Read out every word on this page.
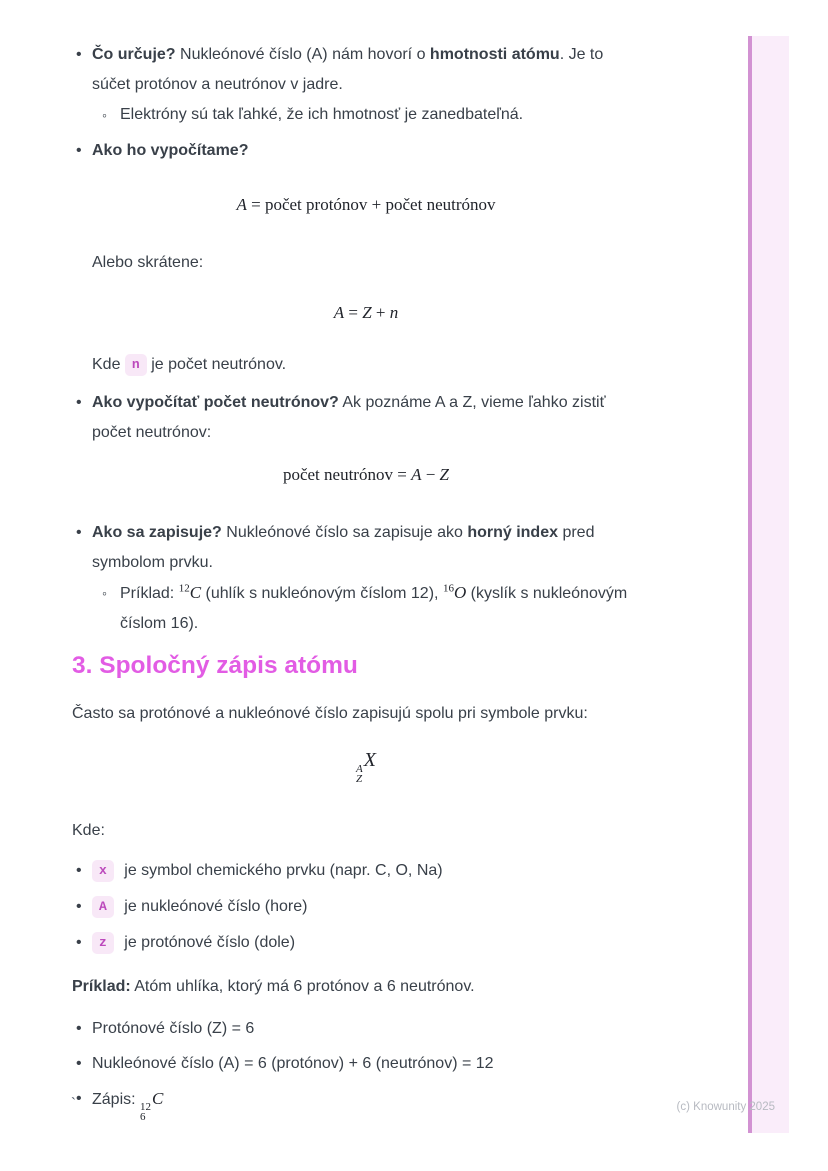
• Čo určuje? Nukleónové číslo (A) nám hovorí o hmotnosti atómu. Je to súčet protónov a neutrónov v jadre.
◦ Elektróny sú tak ľahké, že ich hmotnosť je zanedbateľná.
• Ako ho vypočítame?
A = počet protónov + počet neutrónov

Alebo skrátene:

A = Z + n

Kde n je počet neutrónov.

• Ako vypočítať počet neutrónov? Ak poznáme A a Z, vieme ľahko zistiť počet neutrónov:
počet neutrónov = A − Z
• Ako sa zapisuje? Nukleónové číslo sa zapisuje ako horný index pred symbolom prvku.
◦ Príklad: $^{12}$C (uhlík s nukleónovým číslom 12), $^{16}$O (kyslík s nukleónovým číslom 16).
3. Spoločný zápis atómu

Často sa protónové a nukleónové číslo zapisujú spolu pri symbole prvku:

A
Z
X

Kde:

• x je symbol chemického prvku (napr. C, O, Na)
• A je nukleónové číslo (hore)
• z je protónové číslo (dole)

Príklad: Atóm uhlíka, ktorý má 6 protónov a 6 neutrónov.

• Protónové číslo (Z) = 6
• Nukleónové číslo (A) = 6 (protónov) + 6 (neutrónov) = 12
• Zápis: 12
6
C
`	(c) Knowunity 2025
